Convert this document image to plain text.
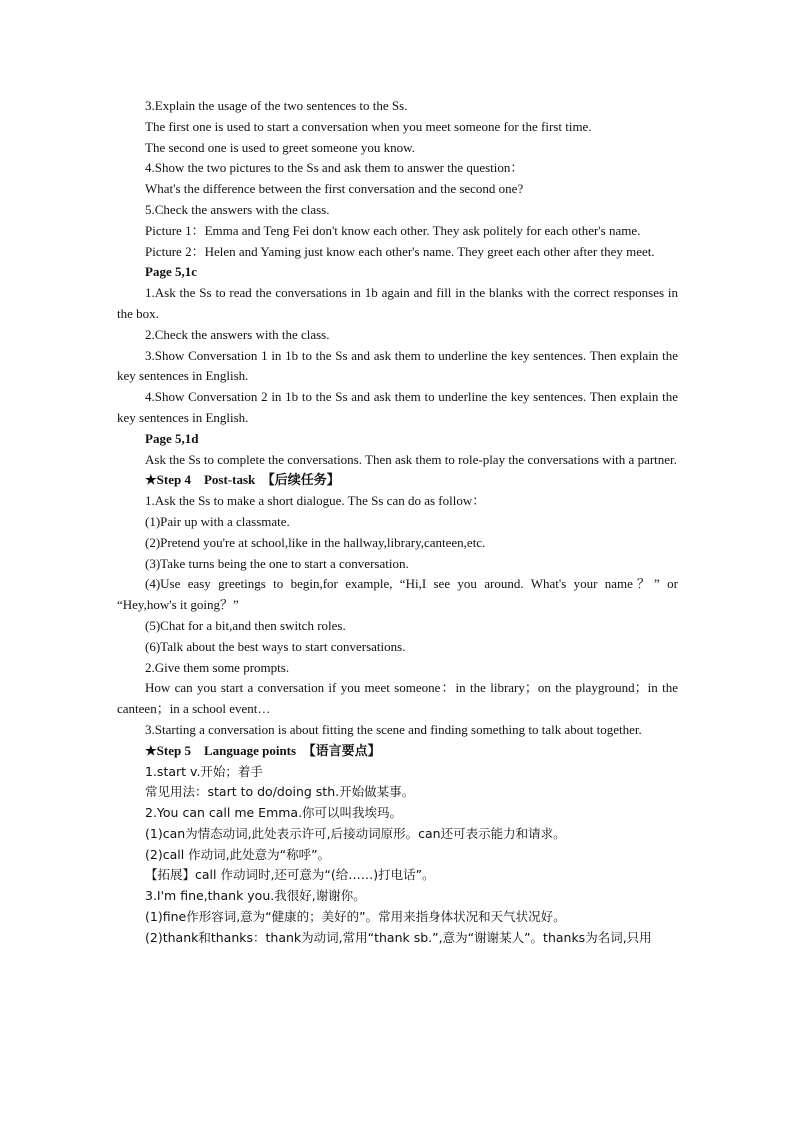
3.Explain the usage of the two sentences to the Ss.

The first one is used to start a conversation when you meet someone for the first time.

The second one is used to greet someone you know.

4.Show the two pictures to the Ss and ask them to answer the question：

What's the difference between the first conversation and the second one?

5.Check the answers with the class.

Picture 1：Emma and Teng Fei don't know each other. They ask politely for each other's name.

Picture 2：Helen and Yaming just know each other's name. They greet each other after they meet.

Page 5,1c

1.Ask the Ss to read the conversations in 1b again and fill in the blanks with the correct responses in the box.

2.Check the answers with the class.

3.Show Conversation 1 in 1b to the Ss and ask them to underline the key sentences. Then explain the key sentences in English.

4.Show Conversation 2 in 1b to the Ss and ask them to underline the key sentences. Then explain the key sentences in English.

Page 5,1d

Ask the Ss to complete the conversations. Then ask them to role-play the conversations with a partner.

★Step 4　Post-task　【后续任务】

1.Ask the Ss to make a short dialogue. The Ss can do as follow：

(1)Pair up with a classmate.

(2)Pretend you're at school,like in the hallway,library,canteen,etc.

(3)Take turns being the one to start a conversation.

(4)Use easy greetings to begin,for example, “Hi,I see you around. What's your name？” or “Hey,how's it going？”

(5)Chat for a bit,and then switch roles.

(6)Talk about the best ways to start conversations.

2.Give them some prompts.

How can you start a conversation if you meet someone：in the library；on the playground；in the canteen；in a school event…

3.Starting a conversation is about fitting the scene and finding something to talk about together.

★Step 5　Language points　【语言要点】

1.start v.开始；着手

常见用法：start to do/doing sth.开始做某事。

2.You can call me Emma.你可以叫我埃玛。

(1)can为情态动词,此处表示许可,后接动词原形。can还可表示能力和请求。

(2)call 作动词,此处意为“称呼”。

【拓展】call 作动词时,还可意为“(给……)打电话”。

3.I'm fine,thank you.我很好,谢谢你。

(1)fine作形容词,意为“健康的；美好的”。常用来指身体状况和天气状况好。

(2)thank和thanks：thank为动词,常用“thank sb.”,意为“谢谢某人”。thanks为名词,只用
